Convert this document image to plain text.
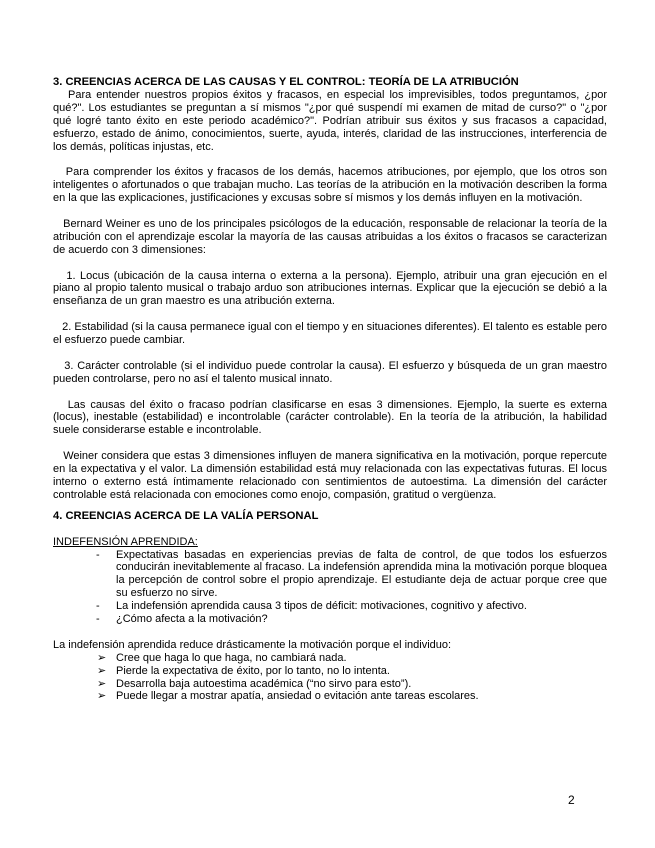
3. CREENCIAS ACERCA DE LAS CAUSAS Y EL CONTROL: TEORÍA DE LA ATRIBUCIÓN

Para entender nuestros propios éxitos y fracasos, en especial los imprevisibles, todos preguntamos, ¿por qué?". Los estudiantes se preguntan a sí mismos "¿por qué suspendí mi examen de mitad de curso?" o "¿por qué logré tanto éxito en este periodo académico?". Podrían atribuir sus éxitos y sus fracasos a capacidad, esfuerzo, estado de ánimo, conocimientos, suerte, ayuda, interés, claridad de las instrucciones, interferencia de los demás, políticas injustas, etc.

Para comprender los éxitos y fracasos de los demás, hacemos atribuciones, por ejemplo, que los otros son inteligentes o afortunados o que trabajan mucho. Las teorías de la atribución en la motivación describen la forma en la que las explicaciones, justificaciones y excusas sobre sí mismos y los demás influyen en la motivación.

Bernard Weiner es uno de los principales psicólogos de la educación, responsable de relacionar la teoría de la atribución con el aprendizaje escolar la mayoría de las causas atribuidas a los éxitos o fracasos se caracterizan de acuerdo con 3 dimensiones:

1. Locus (ubicación de la causa interna o externa a la persona). Ejemplo, atribuir una gran ejecución en el piano al propio talento musical o trabajo arduo son atribuciones internas. Explicar que la ejecución se debió a la enseñanza de un gran maestro es una atribución externa.

2. Estabilidad (si la causa permanece igual con el tiempo y en situaciones diferentes). El talento es estable pero el esfuerzo puede cambiar.

3. Carácter controlable (si el individuo puede controlar la causa). El esfuerzo y búsqueda de un gran maestro pueden controlarse, pero no así el talento musical innato.

Las causas del éxito o fracaso podrían clasificarse en esas 3 dimensiones. Ejemplo, la suerte es externa (locus), inestable (estabilidad) e incontrolable (carácter controlable). En la teoría de la atribución, la habilidad suele considerarse estable e incontrolable.

Weiner considera que estas 3 dimensiones influyen de manera significativa en la motivación, porque repercute en la expectativa y el valor. La dimensión estabilidad está muy relacionada con las expectativas futuras. El locus interno o externo está íntimamente relacionado con sentimientos de autoestima. La dimensión del carácter controlable está relacionada con emociones como enojo, compasión, gratitud o vergüenza.

4. CREENCIAS ACERCA DE LA VALÍA PERSONAL

INDEFENSIÓN APRENDIDA:

- Expectativas basadas en experiencias previas de falta de control, de que todos los esfuerzos conducirán inevitablemente al fracaso. La indefensión aprendida mina la motivación porque bloquea la percepción de control sobre el propio aprendizaje. El estudiante deja de actuar porque cree que su esfuerzo no sirve.
- La indefensión aprendida causa 3 tipos de déficit: motivaciones, cognitivo y afectivo.
- ¿Cómo afecta a la motivación?

La indefensión aprendida reduce drásticamente la motivación porque el individuo:

➢ Cree que haga lo que haga, no cambiará nada.
➢ Pierde la expectativa de éxito, por lo tanto, no lo intenta.
➢ Desarrolla baja autoestima académica (“no sirvo para esto”).
➢ Puede llegar a mostrar apatía, ansiedad o evitación ante tareas escolares.
2
